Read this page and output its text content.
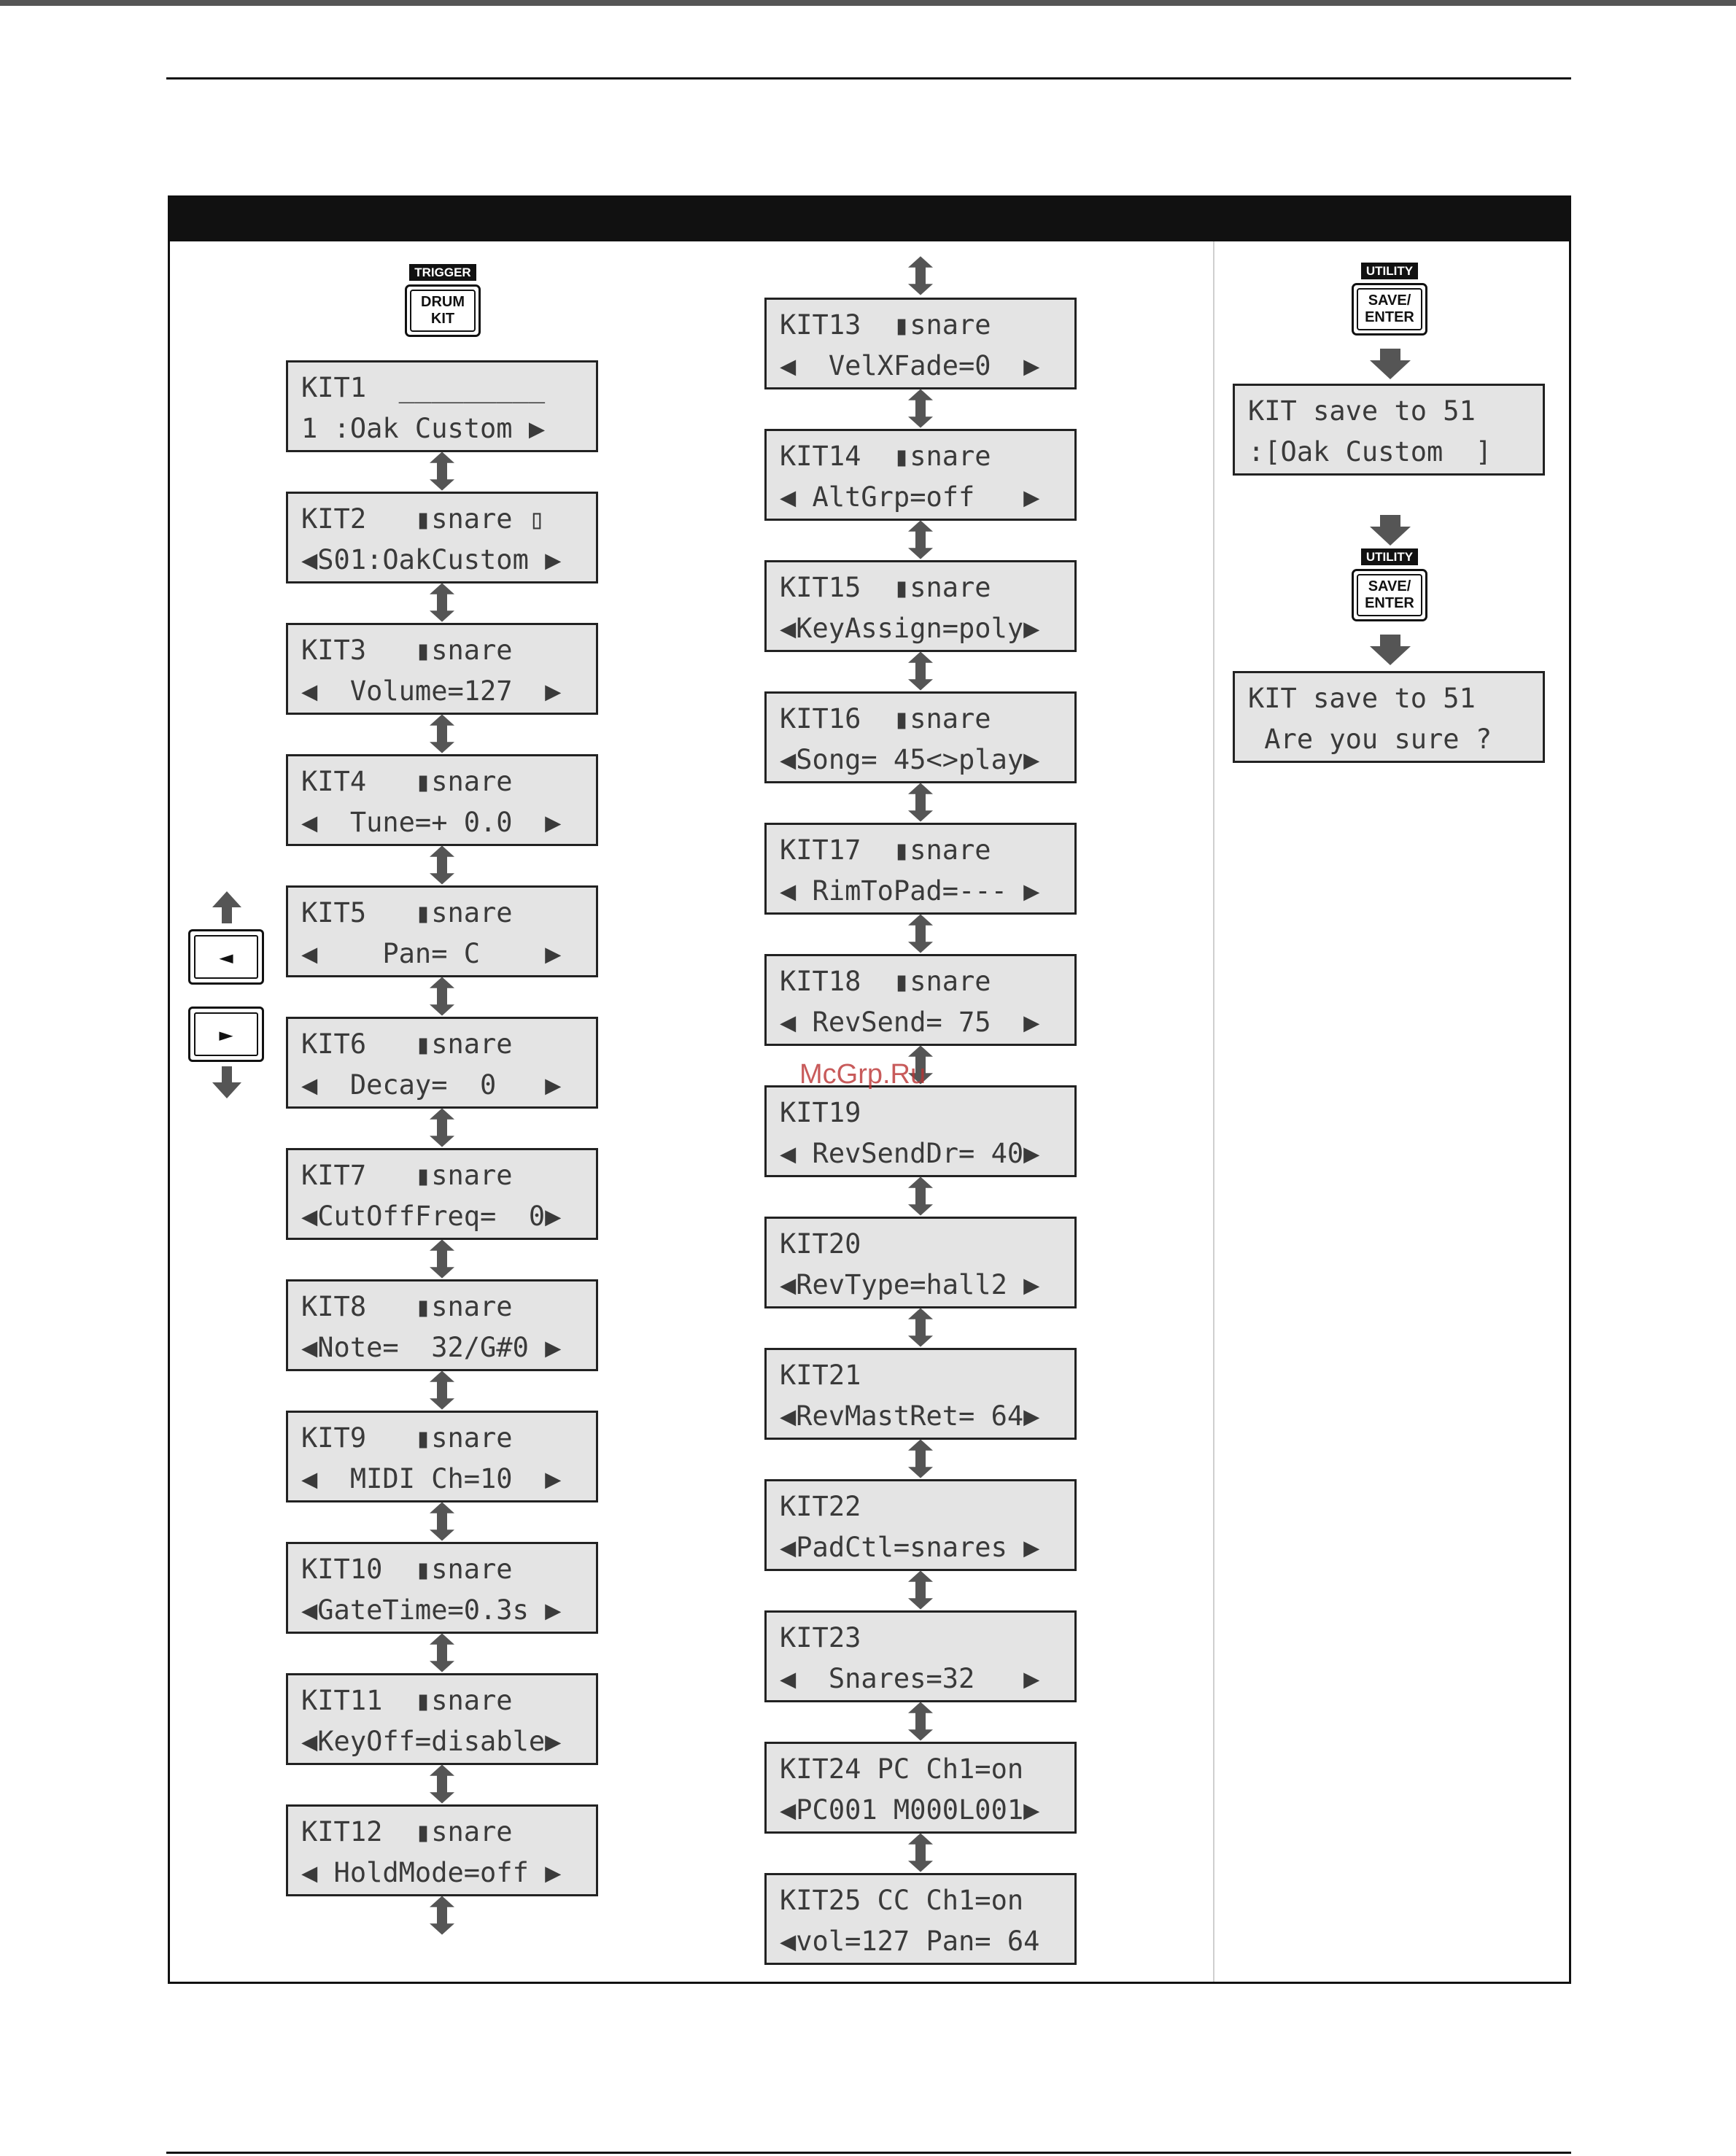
TRIGGER
DRUM
KIT
KIT1  _________
1 :Oak Custom ▶
KIT2   ▮snare ▯
◀S01:OakCustom ▶
KIT3   ▮snare
◀  Volume=127  ▶
KIT4   ▮snare
◀  Tune=+ 0.0  ▶
KIT5   ▮snare
◀    Pan= C    ▶
KIT6   ▮snare
◀  Decay=  0   ▶
KIT7   ▮snare
◀CutOffFreq=  0▶
KIT8   ▮snare
◀Note=  32/G#0 ▶
KIT9   ▮snare
◀  MIDI Ch=10  ▶
KIT10  ▮snare
◀GateTime=0.3s ▶
KIT11  ▮snare
◀KeyOff=disable▶
KIT12  ▮snare
◀ HoldMode=off ▶
KIT13  ▮snare
◀  VelXFade=0  ▶
KIT14  ▮snare
◀ AltGrp=off   ▶
KIT15  ▮snare
◀KeyAssign=poly▶
KIT16  ▮snare
◀Song= 45<>play▶
KIT17  ▮snare
◀ RimToPad=--- ▶
KIT18  ▮snare
◀ RevSend= 75  ▶
KIT19
◀ RevSendDr= 40▶
KIT20
◀RevType=hall2 ▶
KIT21
◀RevMastRet= 64▶
KIT22
◀PadCtl=snares ▶
KIT23
◀  Snares=32   ▶
KIT24 PC Ch1=on
◀PC001 M000L001▶
KIT25 CC Ch1=on
◀vol=127 Pan= 64
KIT save to 51
:[Oak Custom  ]
KIT save to 51
Are you sure ?
◄
►
UTILITY
SAVE/
ENTER
UTILITY
SAVE/
ENTER
McGrp.Ru
